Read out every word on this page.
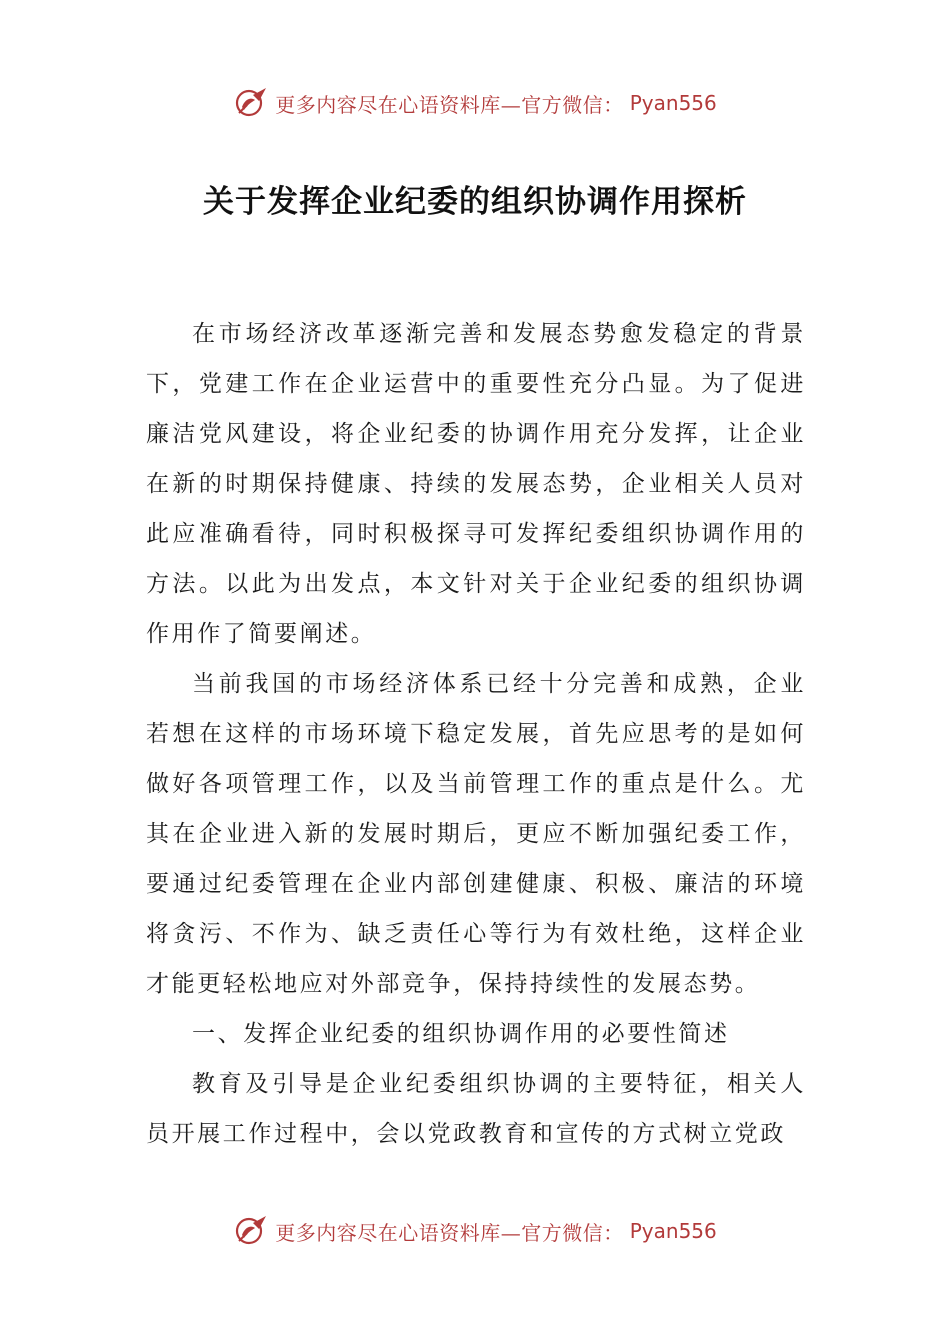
更多内容尽在心语资料库—官方微信： Pyan556
关于发挥企业纪委的组织协调作用探析

在市场经济改革逐渐完善和发展态势愈发稳定的背景下，党建工作在企业运营中的重要性充分凸显。为了促进廉洁党风建设，将企业纪委的协调作用充分发挥，让企业在新的时期保持健康、持续的发展态势，企业相关人员对此应准确看待，同时积极探寻可发挥纪委组织协调作用的方法。以此为出发点，本文针对关于企业纪委的组织协调作用作了简要阐述。

当前我国的市场经济体系已经十分完善和成熟，企业若想在这样的市场环境下稳定发展，首先应思考的是如何做好各项管理工作，以及当前管理工作的重点是什么。尤其在企业进入新的发展时期后，更应不断加强纪委工作，要通过纪委管理在企业内部创建健康、积极、廉洁的环境将贪污、不作为、缺乏责任心等行为有效杜绝，这样企业才能更轻松地应对外部竞争，保持持续性的发展态势。

一、发挥企业纪委的组织协调作用的必要性简述

教育及引导是企业纪委组织协调的主要特征，相关人员开展工作过程中，会以党政教育和宣传的方式树立党政

更多内容尽在心语资料库—官方微信： Pyan556
